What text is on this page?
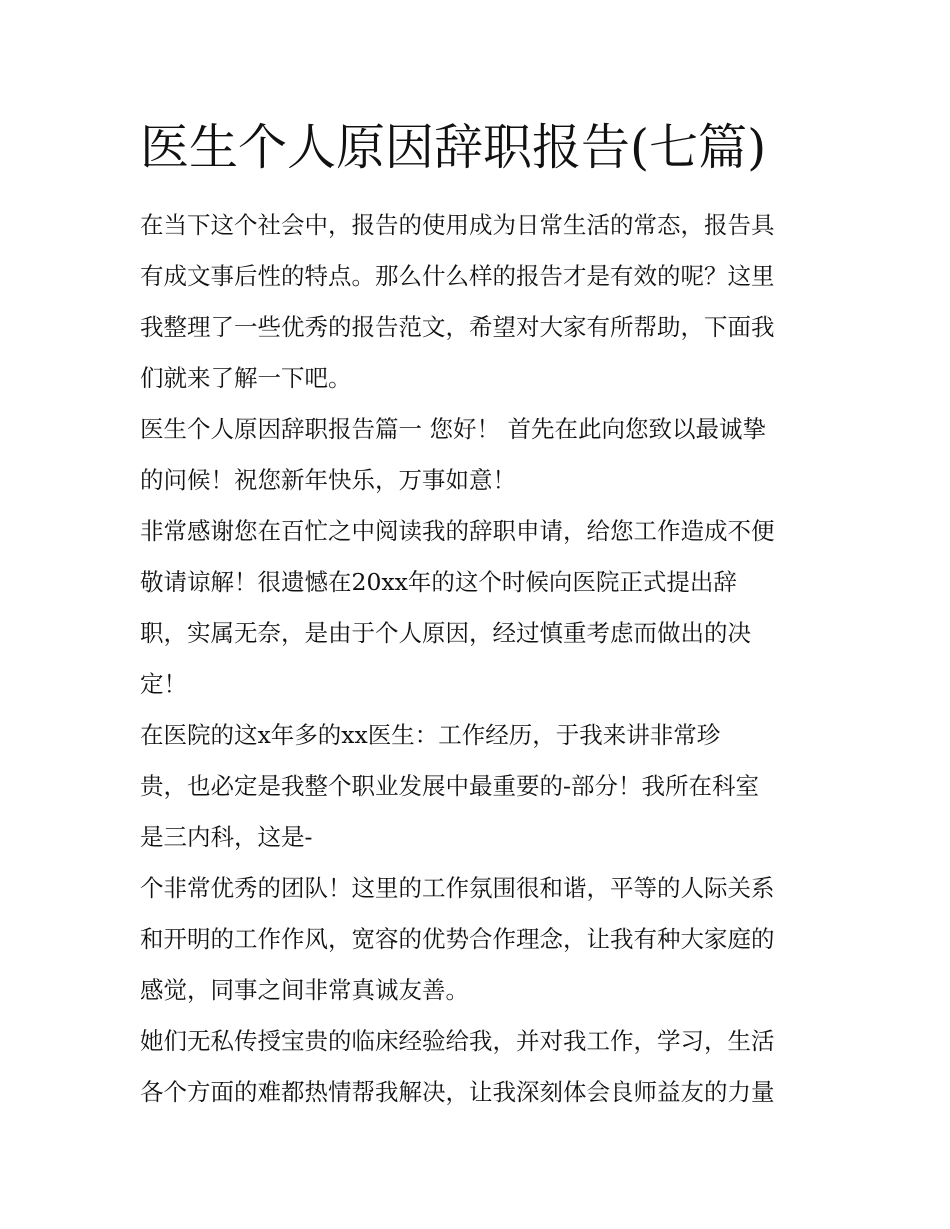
医生个人原因辞职报告(七篇)
在当下这个社会中，报告的使用成为日常生活的常态，报告具
有成文事后性的特点。那么什么样的报告才是有效的呢？这里
我整理了一些优秀的报告范文，希望对大家有所帮助，下面我
们就来了解一下吧。
医生个人原因辞职报告篇一 您好！ 首先在此向您致以最诚挚
的问候！祝您新年快乐，万事如意！
非常感谢您在百忙之中阅读我的辞职申请，给您工作造成不便
敬请谅解！很遗憾在20xx年的这个时候向医院正式提出辞
职，实属无奈，是由于个人原因，经过慎重考虑而做出的决
定！
在医院的这x年多的xx医生：工作经历，于我来讲非常珍
贵，也必定是我整个职业发展中最重要的-部分！我所在科室
是三内科，这是-
个非常优秀的团队！这里的工作氛围很和谐，平等的人际关系
和开明的工作作风，宽容的优势合作理念，让我有种大家庭的
感觉，同事之间非常真诚友善。
她们无私传授宝贵的临床经验给我，并对我工作，学习，生活
各个方面的难都热情帮我解决，让我深刻体会良师益友的力量
